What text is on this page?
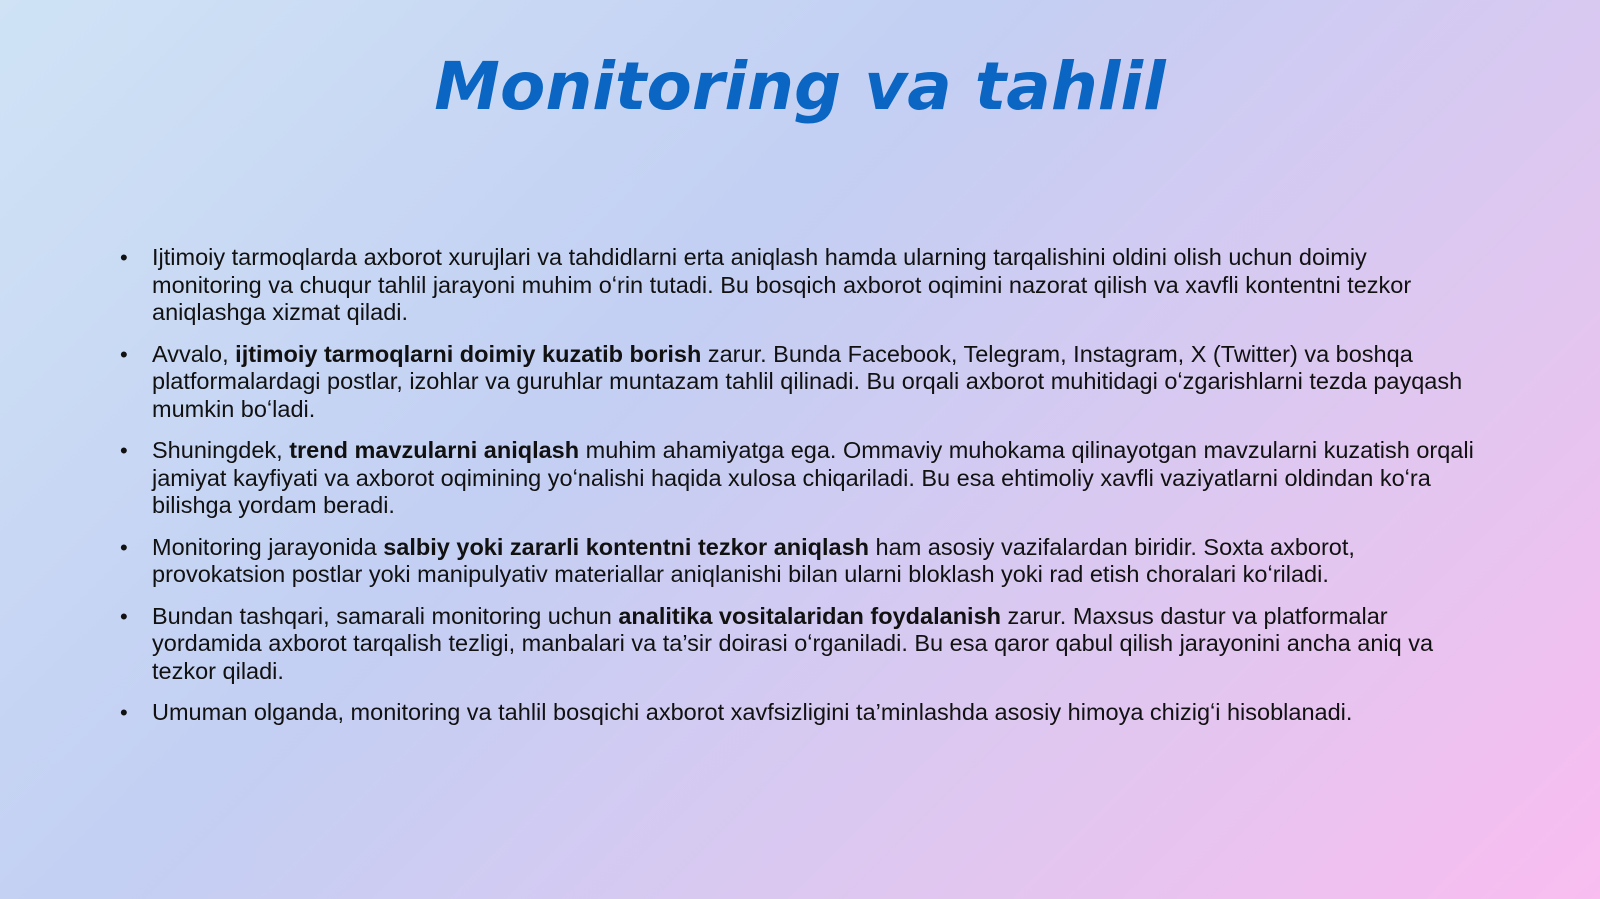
Monitoring va tahlil
• Ijtimoiy tarmoqlarda axborot xurujlari va tahdidlarni erta aniqlash hamda ularning tarqalishini oldini olish uchun doimiy monitoring va chuqur tahlil jarayoni muhim oʻrin tutadi. Bu bosqich axborot oqimini nazorat qilish va xavfli kontentni tezkor aniqlashga xizmat qiladi.
• Avvalo, ijtimoiy tarmoqlarni doimiy kuzatib borish zarur. Bunda Facebook, Telegram, Instagram, X (Twitter) va boshqa platformalardagi postlar, izohlar va guruhlar muntazam tahlil qilinadi. Bu orqali axborot muhitidagi oʻzgarishlarni tezda payqash mumkin boʻladi.
• Shuningdek, trend mavzularni aniqlash muhim ahamiyatga ega. Ommaviy muhokama qilinayotgan mavzularni kuzatish orqali jamiyat kayfiyati va axborot oqimining yoʻnalishi haqida xulosa chiqariladi. Bu esa ehtimoliy xavfli vaziyatlarni oldindan koʻra bilishga yordam beradi.
• Monitoring jarayonida salbiy yoki zararli kontentni tezkor aniqlash ham asosiy vazifalardan biridir. Soxta axborot, provokatsion postlar yoki manipulyativ materiallar aniqlanishi bilan ularni bloklash yoki rad etish choralari koʻriladi.
• Bundan tashqari, samarali monitoring uchun analitika vositalaridan foydalanish zarur. Maxsus dastur va platformalar yordamida axborot tarqalish tezligi, manbalari va ta’sir doirasi oʻrganiladi. Bu esa qaror qabul qilish jarayonini ancha aniq va tezkor qiladi.
• Umuman olganda, monitoring va tahlil bosqichi axborot xavfsizligini ta’minlashda asosiy himoya chizigʻi hisoblanadi.
